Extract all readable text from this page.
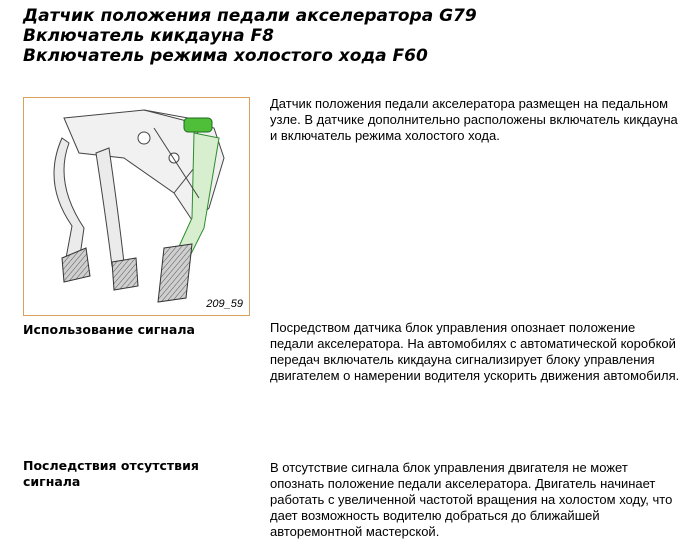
Датчик положения педали акселератора G79
Включатель кикдауна F8
Включатель режима холостого хода F60
209_59

Датчик положения педали акселератора размещен на педальном узле. В датчике дополнительно расположены включатель кикдауна и включатель режима холостого хода.

Использование сигнала	Посредством датчика блок управления опознает положение педали акселератора. На автомобилях с автоматической коробкой передач включатель кикдауна сигнализирует блоку управления двигателем о намерении водителя ускорить движения автомобиля.

Последствия отсутствия сигнала

В отсутствие сигнала блок управления двигателя не может опознать положение педали акселератора. Двигатель начинает работать с увеличенной частотой вращения на холостом ходу, что дает возможность водителю добраться до ближайшей авторемонтной мастерской.
